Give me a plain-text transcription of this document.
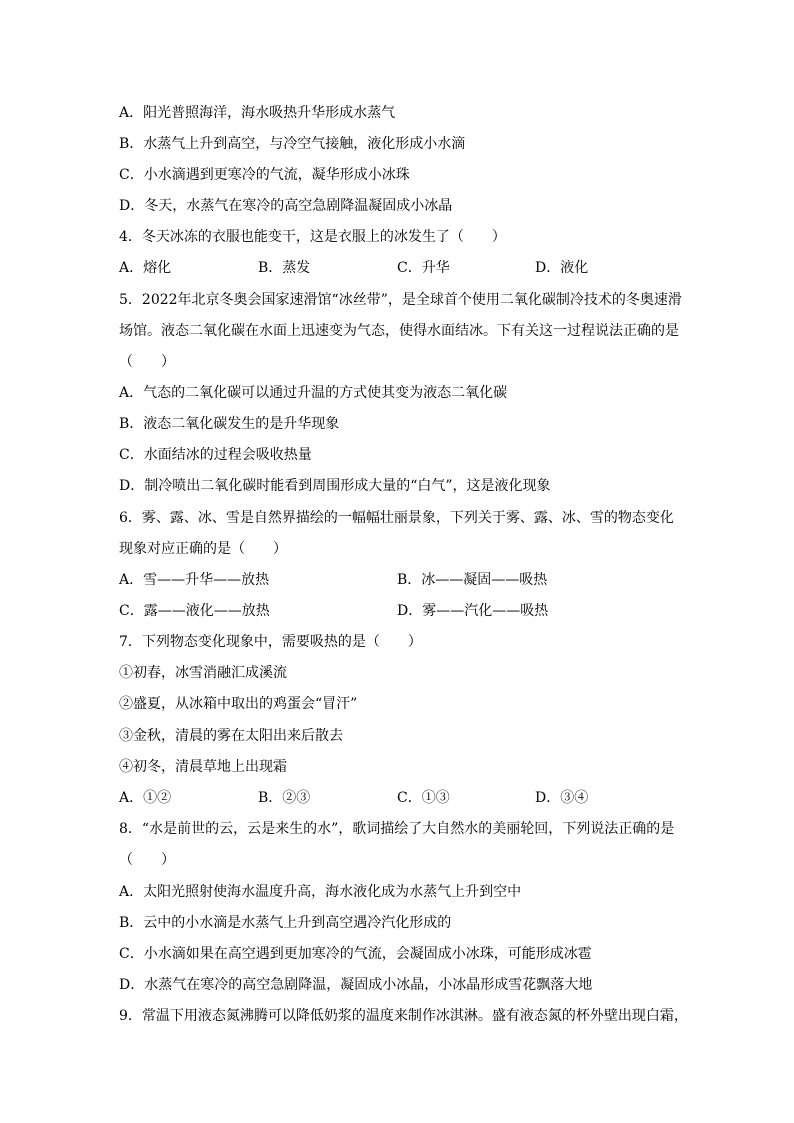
A．阳光普照海洋，海水吸热升华形成水蒸气
B．水蒸气上升到高空，与冷空气接触，液化形成小水滴
C．小水滴遇到更寒冷的气流，凝华形成小冰珠
D．冬天，水蒸气在寒冷的高空急剧降温凝固成小冰晶
4．冬天冰冻的衣服也能变干，这是衣服上的冰发生了（　　）
A．熔化	B．蒸发	C．升华	D．液化
5．2022年北京冬奥会国家速滑馆“冰丝带”，是全球首个使用二氧化碳制冷技术的冬奥速滑
场馆。液态二氧化碳在水面上迅速变为气态，使得水面结冰。下有关这一过程说法正确的是
（　　）
A．气态的二氧化碳可以通过升温的方式使其变为液态二氧化碳
B．液态二氧化碳发生的是升华现象
C．水面结冰的过程会吸收热量
D．制冷喷出二氧化碳时能看到周围形成大量的“白气”，这是液化现象
6．雾、露、冰、雪是自然界描绘的一幅幅壮丽景象，下列关于雾、露、冰、雪的物态变化
现象对应正确的是（　　）
A．雪——升华——放热	B．冰——凝固——吸热
C．露——液化——放热	D．雾——汽化——吸热
7．下列物态变化现象中，需要吸热的是（　　）
①初春，冰雪消融汇成溪流
②盛夏，从冰箱中取出的鸡蛋会“冒汗”
③金秋，清晨的雾在太阳出来后散去
④初冬，清晨草地上出现霜
A．①②	B．②③	C．①③	D．③④
8．“水是前世的云，云是来生的水”，歌词描绘了大自然水的美丽轮回，下列说法正确的是
（　　）
A．太阳光照射使海水温度升高，海水液化成为水蒸气上升到空中
B．云中的小水滴是水蒸气上升到高空遇冷汽化形成的
C．小水滴如果在高空遇到更加寒冷的气流，会凝固成小冰珠，可能形成冰雹
D．水蒸气在寒冷的高空急剧降温，凝固成小冰晶，小冰晶形成雪花飘落大地
9．常温下用液态氮沸腾可以降低奶浆的温度来制作冰淇淋。盛有液态氮的杯外壁出现白霜，
